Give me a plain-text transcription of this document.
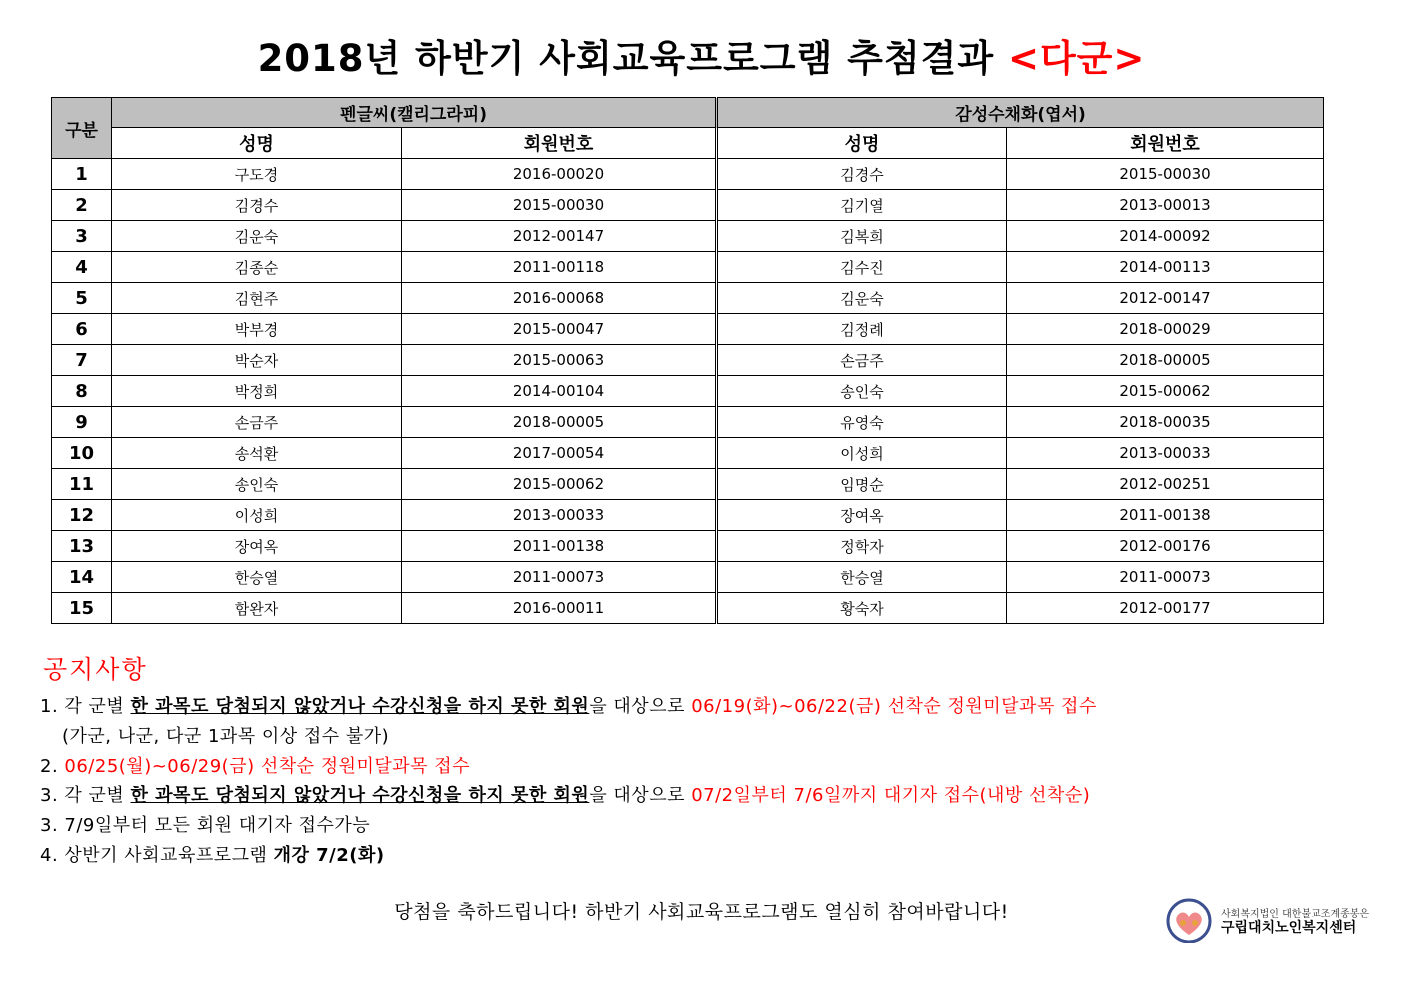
2018년 하반기 사회교육프로그램 추첨결과 <다군>
구분	펜글씨(캘리그라피)		감성수채화(엽서)	
	성명	회원번호	성명	회원번호
1	구도경	2016-00020	김경수	2015-00030
2	김경수	2015-00030	김기열	2013-00013
3	김운숙	2012-00147	김복희	2014-00092
4	김종순	2011-00118	김수진	2014-00113
5	김현주	2016-00068	김운숙	2012-00147
6	박부경	2015-00047	김정례	2018-00029
7	박순자	2015-00063	손금주	2018-00005
8	박정희	2014-00104	송인숙	2015-00062
9	손금주	2018-00005	유영숙	2018-00035
10	송석환	2017-00054	이성희	2013-00033
11	송인숙	2015-00062	임명순	2012-00251
12	이성희	2013-00033	장여옥	2011-00138
13	장여옥	2011-00138	정학자	2012-00176
14	한승열	2011-00073	한승열	2011-00073
15	함완자	2016-00011	황숙자	2012-00177
공지사항
1. 각 군별 한 과목도 당첨되지 않았거나 수강신청을 하지 못한 회원을 대상으로 06/19(화)~06/22(금) 선착순 정원미달과목 접수
(가군, 나군, 다군 1과목 이상 접수 불가)
2. 06/25(월)~06/29(금) 선착순 정원미달과목 접수
3. 각 군별 한 과목도 당첨되지 않았거나 수강신청을 하지 못한 회원을 대상으로 07/2일부터 7/6일까지 대기자 접수(내방 선착순)
3. 7/9일부터 모든 회원 대기자 접수가능
4. 상반기 사회교육프로그램 개강 7/2(화)
당첨을 축하드립니다! 하반기 사회교육프로그램도 열심히 참여바랍니다!	사회복지법인 대한불교조계종봉은
구립대치노인복지센터
